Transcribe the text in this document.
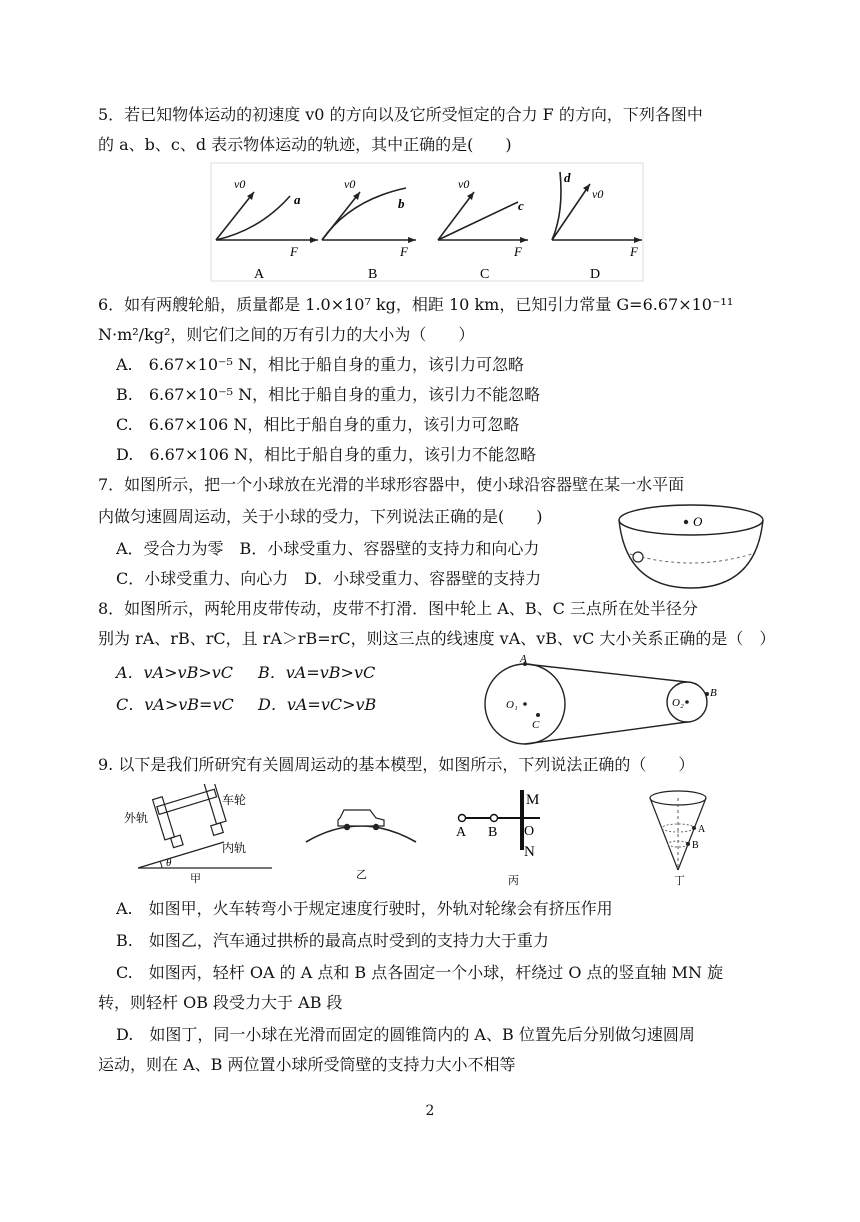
5．若已知物体运动的初速度 v0 的方向以及它所受恒定的合力 F 的方向，下列各图中
的 a、b、c、d 表示物体运动的轨迹，其中正确的是(　　)
v0
a
F
A
v0
b
F
B
v0
c
F
C
v0
d
F
D
6．如有两艘轮船，质量都是 1.0×10⁷ kg，相距 10 km，已知引力常量 G=6.67×10⁻¹¹
N·m²/kg²，则它们之间的万有引力的大小为（　　）
A.　6.67×10⁻⁵ N，相比于船自身的重力，该引力可忽略
B.　6.67×10⁻⁵ N，相比于船自身的重力，该引力不能忽略
C.　6.67×106 N，相比于船自身的重力，该引力可忽略
D.　6.67×106 N，相比于船自身的重力，该引力不能忽略
7．如图所示，把一个小球放在光滑的半球形容器中，使小球沿容器壁在某一水平面
内做匀速圆周运动，关于小球的受力，下列说法正确的是(　　)
A．受合力为零　B．小球受重力、容器壁的支持力和向心力
C．小球受重力、向心力　D．小球受重力、容器壁的支持力
O
8．如图所示，两轮用皮带传动，皮带不打滑．图中轮上 A、B、C 三点所在处半径分
别为 rA、rB、rC，且 rA＞rB=rC，则这三点的线速度 vA、vB、vC 大小关系正确的是（　）
A．vA>vB>vC B．vA=vB>vC
C．vA>vB=vC D．vA=vC>vB
A
B
C
O₁	O₂
9. 以下是我们所研究有关圆周运动的基本模型，如图所示，下列说法正确的（　　）
θ
外轨
车轮
内轨
甲	乙
M
N
O
A B
丙
A
B
丁
A.　如图甲，火车转弯小于规定速度行驶时，外轨对轮缘会有挤压作用
B.　如图乙，汽车通过拱桥的最高点时受到的支持力大于重力
C.　如图丙，轻杆 OA 的 A 点和 B 点各固定一个小球，杆绕过 O 点的竖直轴 MN 旋
转，则轻杆 OB 段受力大于 AB 段
D.　如图丁，同一小球在光滑而固定的圆锥筒内的 A、B 位置先后分别做匀速圆周
运动，则在 A、B 两位置小球所受筒壁的支持力大小不相等
2
